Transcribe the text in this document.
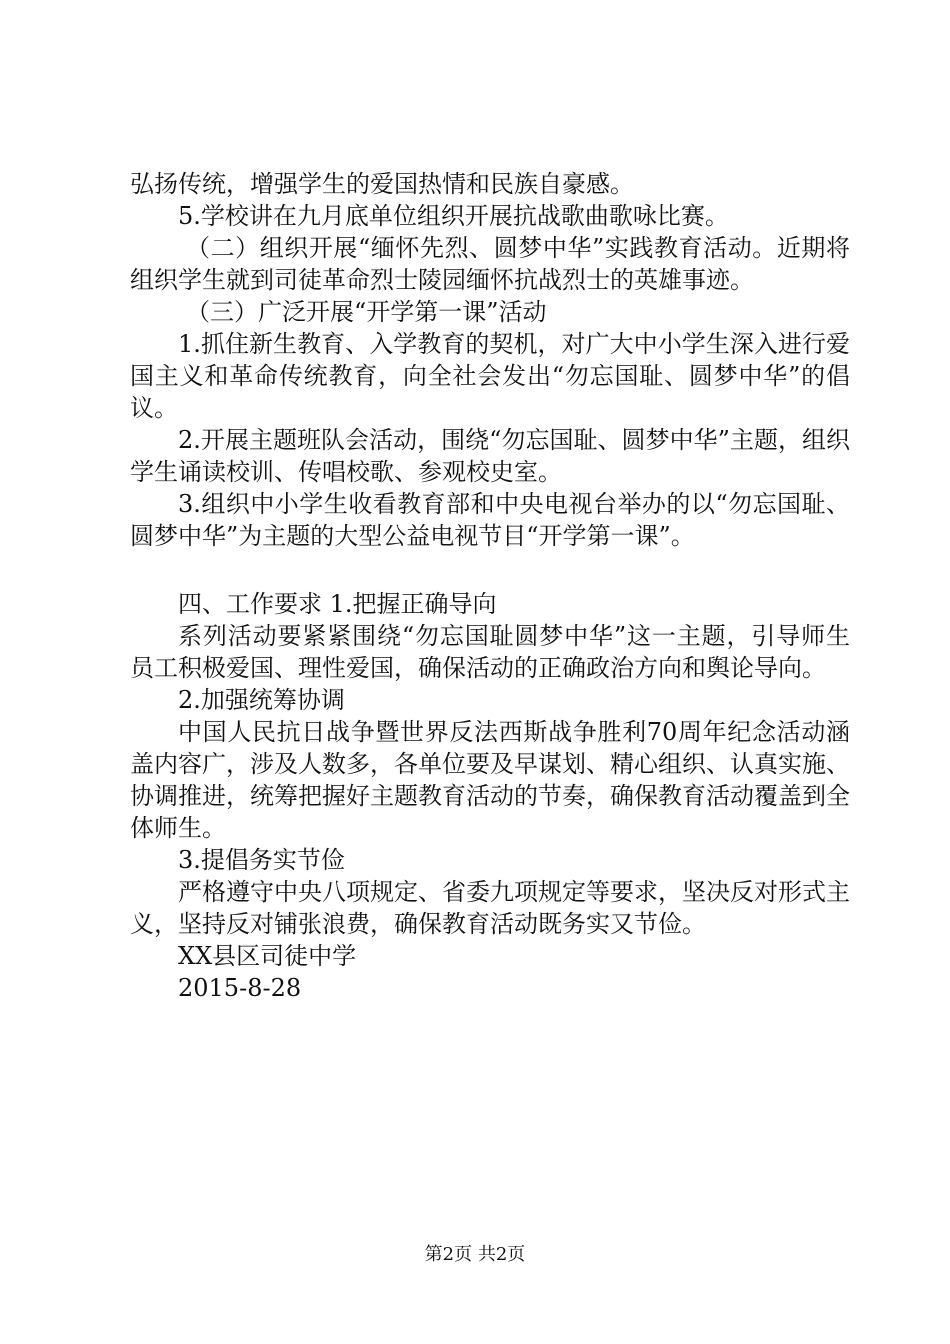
弘扬传统，增强学生的爱国热情和民族自豪感。

5.学校讲在九月底单位组织开展抗战歌曲歌咏比赛。

（二）组织开展“缅怀先烈、圆梦中华”实践教育活动。近期将组织学生就到司徒革命烈士陵园缅怀抗战烈士的英雄事迹。

（三）广泛开展“开学第一课”活动

1.抓住新生教育、入学教育的契机，对广大中小学生深入进行爱国主义和革命传统教育，向全社会发出“勿忘国耻、圆梦中华”的倡议。

2.开展主题班队会活动，围绕“勿忘国耻、圆梦中华”主题，组织学生诵读校训、传唱校歌、参观校史室。

3.组织中小学生收看教育部和中央电视台举办的以“勿忘国耻、圆梦中华”为主题的大型公益电视节目“开学第一课”。

四、工作要求 1.把握正确导向

系列活动要紧紧围绕“勿忘国耻圆梦中华”这一主题，引导师生员工积极爱国、理性爱国，确保活动的正确政治方向和舆论导向。

2.加强统筹协调

中国人民抗日战争暨世界反法西斯战争胜利70周年纪念活动涵盖内容广，涉及人数多，各单位要及早谋划、精心组织、认真实施、协调推进，统筹把握好主题教育活动的节奏，确保教育活动覆盖到全体师生。

3.提倡务实节俭

严格遵守中央八项规定、省委九项规定等要求，坚决反对形式主义，坚持反对铺张浪费，确保教育活动既务实又节俭。

XX县区司徒中学

2015-8-28

第2页 共2页
